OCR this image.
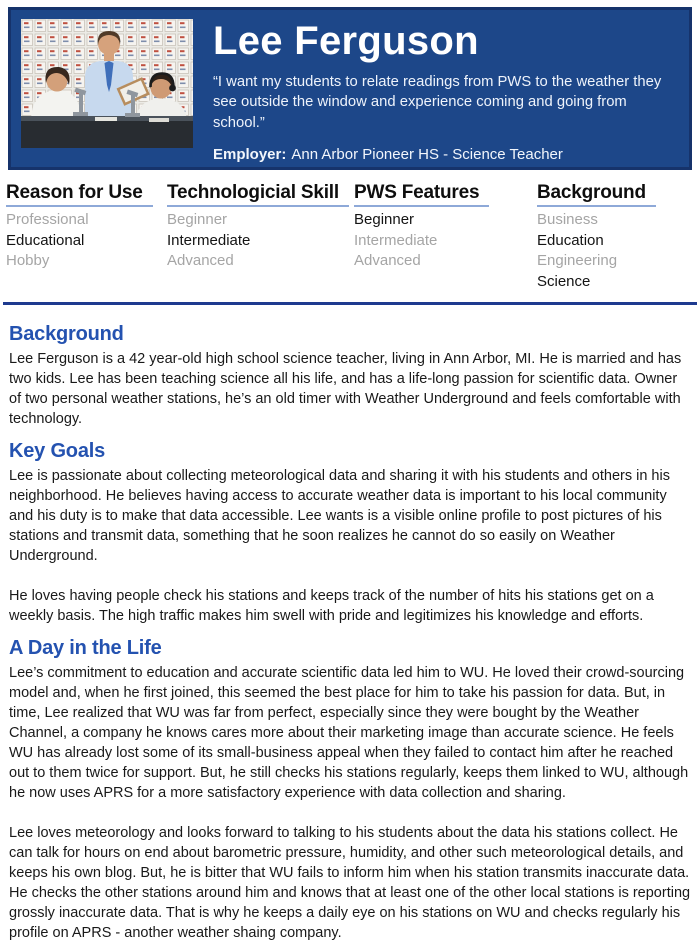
Lee Ferguson
“I want my students to relate readings from PWS to the weather they see outside the window and experience coming and going from school.”
Employer: Ann Arbor Pioneer HS - Science Teacher
Reason for Use
Professional
Educational
Hobby
Technologicial Skill
Beginner
Intermediate
Advanced
PWS Features
Beginner
Intermediate
Advanced
Background
Business
Education
Engineering
Science
Background

Lee Ferguson is a 42 year-old high school science teacher, living in Ann Arbor, MI. He is married and has two kids. Lee has been teaching science all his life, and has a life-long passion for scientific data. Owner of two personal weather stations, he’s an old timer with Weather Underground and feels comfortable with technology.

Key Goals

Lee is passionate about collecting meteorological data and sharing it with his students and others in his neighborhood. He believes having access to accurate weather data is important to his local community and his duty is to make that data accessible. Lee wants is a visible online profile to post pictures of his stations and transmit data, something that he soon realizes he cannot do so easily on Weather Underground.

He loves having people check his stations and keeps track of the number of hits his stations get on a weekly basis. The high traffic makes him swell with pride and legitimizes his knowledge and efforts.

A Day in the Life

Lee’s commitment to education and accurate scientific data led him to WU. He loved their crowd-sourcing model and, when he first joined, this seemed the best place for him to take his passion for data. But, in time, Lee realized that WU was far from perfect, especially since they were bought by the Weather Channel, a company he knows cares more about their marketing image than accurate science. He feels WU has already lost some of its small-business appeal when they failed to contact him after he reached out to them twice for support. But, he still checks his stations regularly, keeps them linked to WU, although he now uses APRS for a more satisfactory experience with data collection and sharing.

Lee loves meteorology and looks forward to talking to his students about the data his stations collect. He can talk for hours on end about barometric pressure, humidity, and other such meteorological details, and keeps his own blog. But, he is bitter that WU fails to inform him when his station transmits inaccurate data. He checks the other stations around him and knows that at least one of the other local stations is reporting grossly inaccurate data. That is why he keeps a daily eye on his stations on WU and checks regularly his profile on APRS - another weather shaing company.
